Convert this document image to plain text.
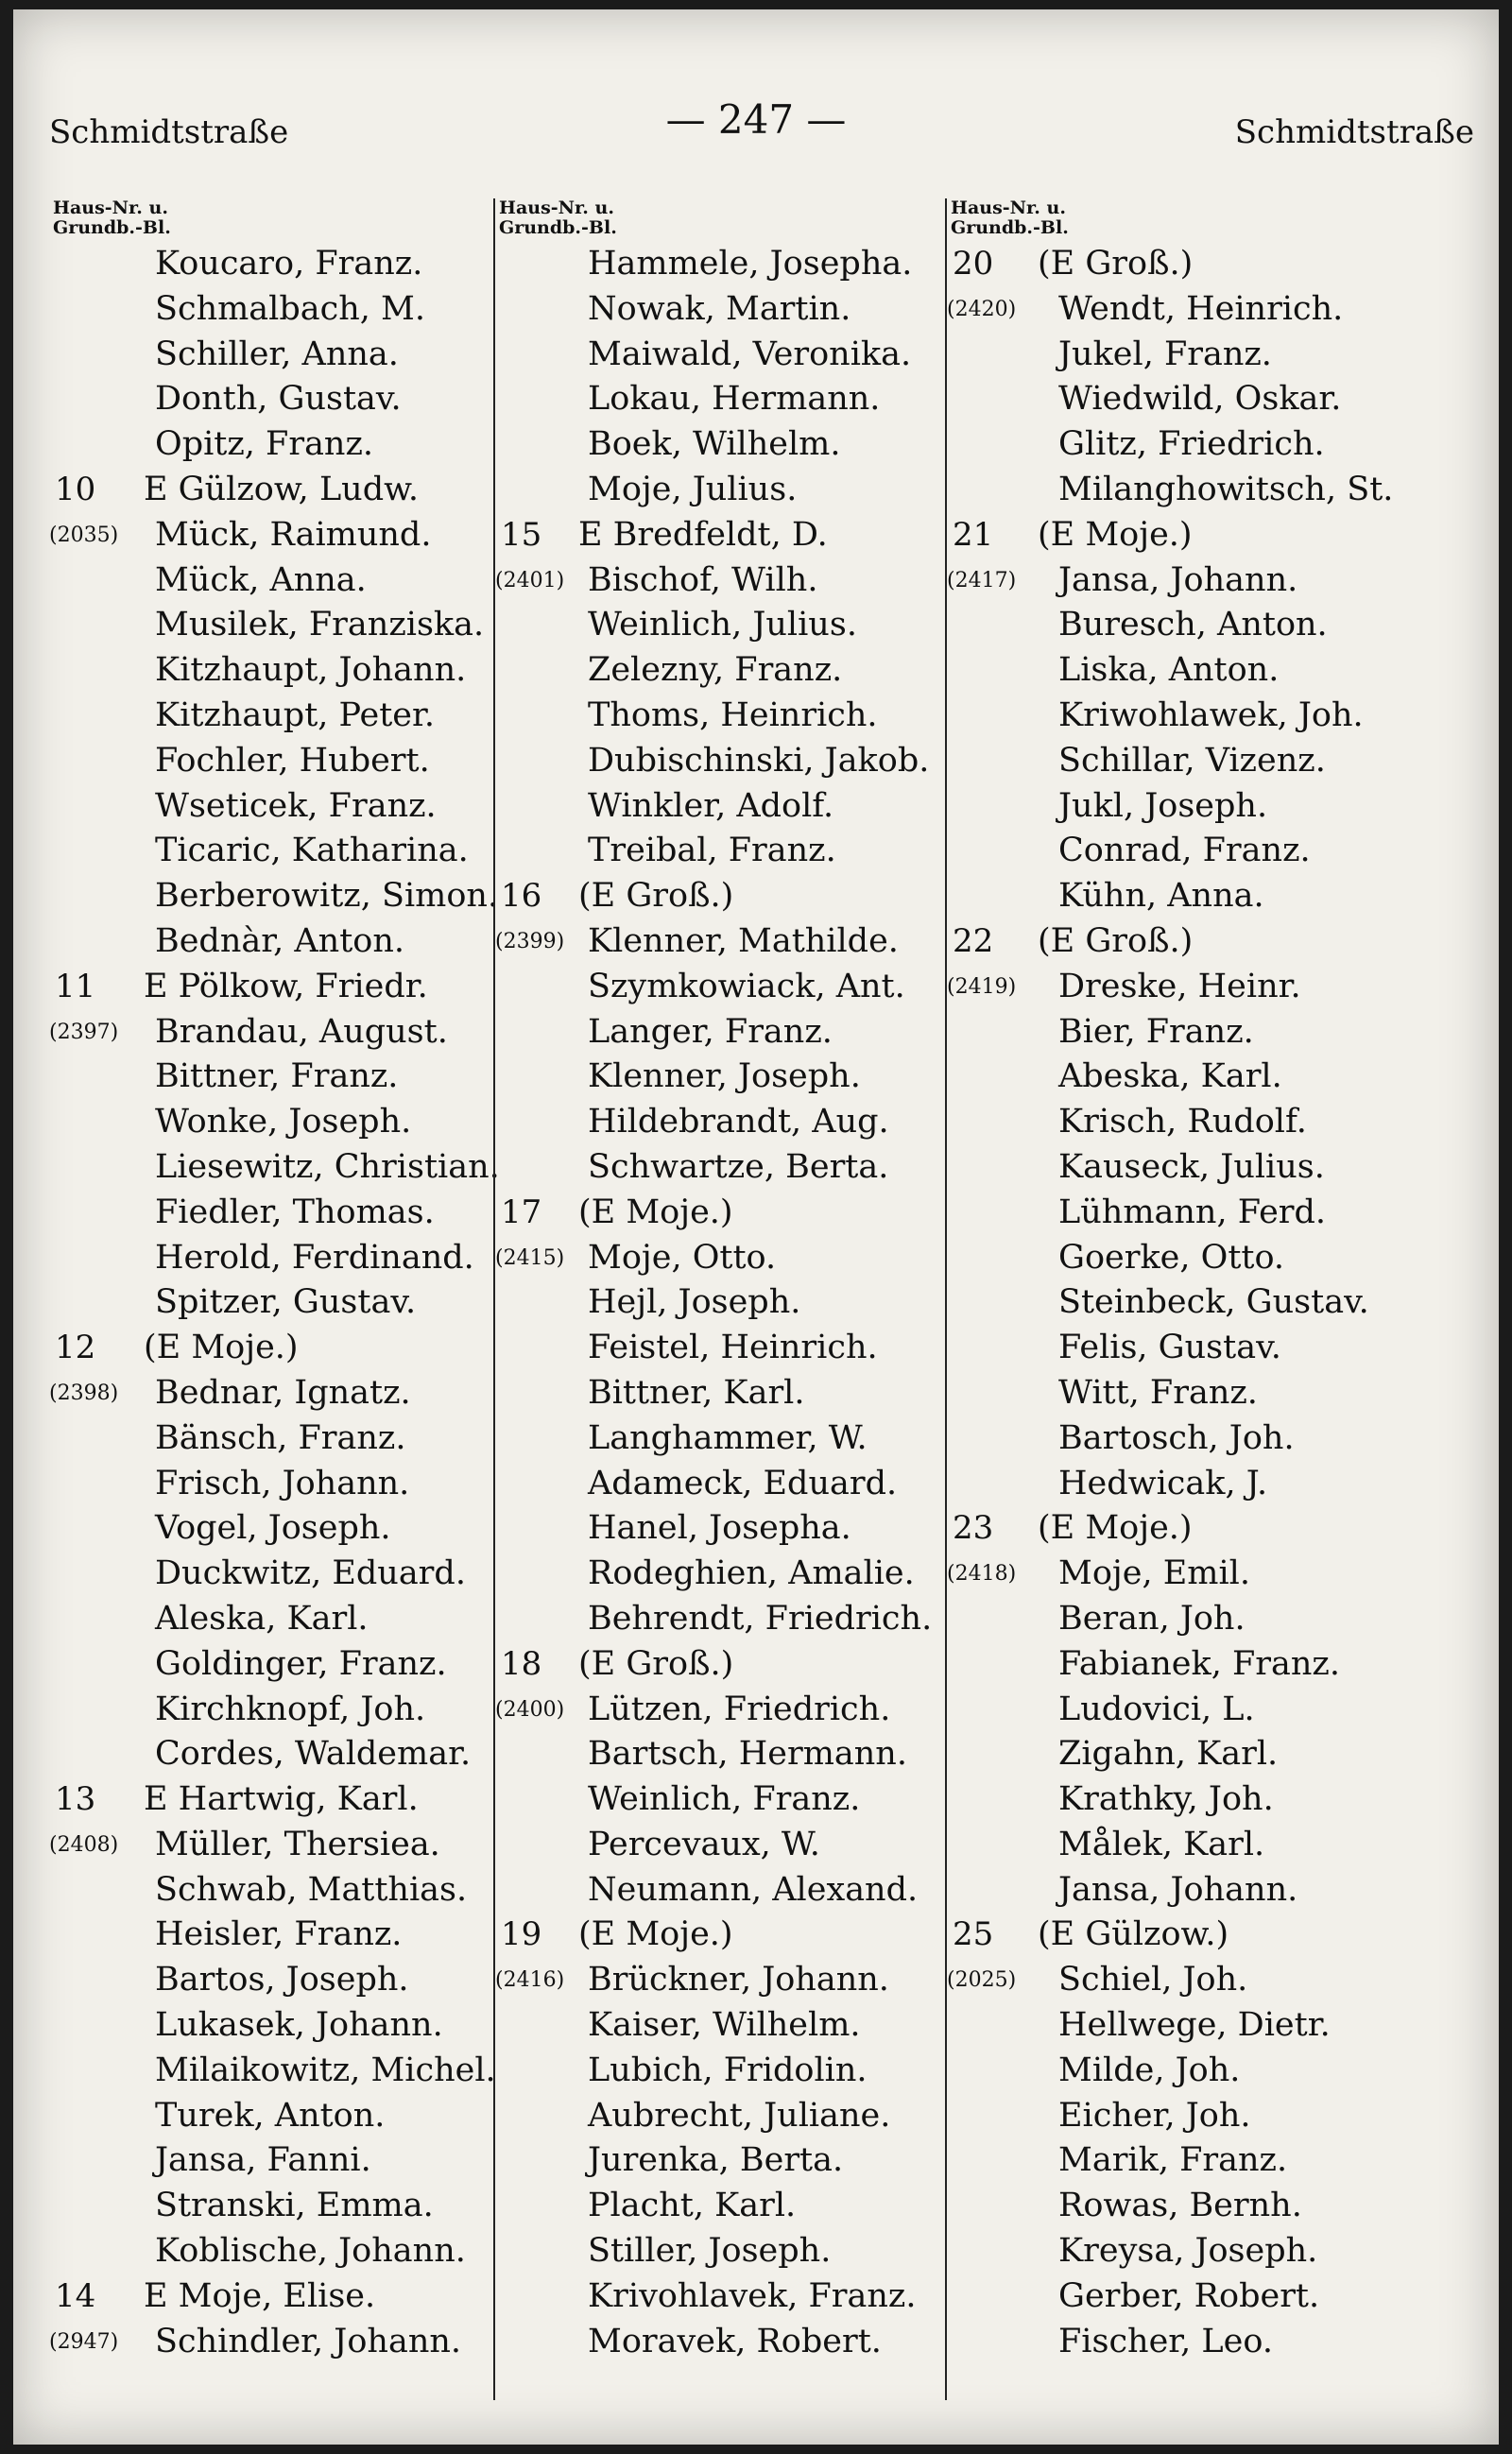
Schmidtstraße	— 247 —	Schmidtstraße
Haus-Nr. u.
Grundb.-Bl.
Koucaro, Franz.
Schmalbach, M.
Schiller, Anna.
Donth, Gustav.
Opitz, Franz.
10 E Gülzow, Ludw.
(2035) Mück, Raimund.
Mück, Anna.
Musilek, Franziska.
Kitzhaupt, Johann.
Kitzhaupt, Peter.
Fochler, Hubert.
Wseticek, Franz.
Ticaric, Katharina.
Berberowitz, Simon.
Bednàr, Anton.
11 E Pölkow, Friedr.
(2397) Brandau, August.
Bittner, Franz.
Wonke, Joseph.
Liesewitz, Christian.
Fiedler, Thomas.
Herold, Ferdinand.
Spitzer, Gustav.
12 (E Moje.)
(2398) Bednar, Ignatz.
Bänsch, Franz.
Frisch, Johann.
Vogel, Joseph.
Duckwitz, Eduard.
Aleska, Karl.
Goldinger, Franz.
Kirchknopf, Joh.
Cordes, Waldemar.
13 E Hartwig, Karl.
(2408) Müller, Thersiea.
Schwab, Matthias.
Heisler, Franz.
Bartos, Joseph.
Lukasek, Johann.
Milaikowitz, Michel.
Turek, Anton.
Jansa, Fanni.
Stranski, Emma.
Koblische, Johann.
14 E Moje, Elise.
(2947) Schindler, Johann.
Haus-Nr. u.
Grundb.-Bl.
Hammele, Josepha.
Nowak, Martin.
Maiwald, Veronika.
Lokau, Hermann.
Boek, Wilhelm.
Moje, Julius.
15 E Bredfeldt, D.
(2401) Bischof, Wilh.
Weinlich, Julius.
Zelezny, Franz.
Thoms, Heinrich.
Dubischinski, Jakob.
Winkler, Adolf.
Treibal, Franz.
16 (E Groß.)
(2399) Klenner, Mathilde.
Szymkowiack, Ant.
Langer, Franz.
Klenner, Joseph.
Hildebrandt, Aug.
Schwartze, Berta.
17 (E Moje.)
(2415) Moje, Otto.
Hejl, Joseph.
Feistel, Heinrich.
Bittner, Karl.
Langhammer, W.
Adameck, Eduard.
Hanel, Josepha.
Rodeghien, Amalie.
Behrendt, Friedrich.
18 (E Groß.)
(2400) Lützen, Friedrich.
Bartsch, Hermann.
Weinlich, Franz.
Percevaux, W.
Neumann, Alexand.
19 (E Moje.)
(2416) Brückner, Johann.
Kaiser, Wilhelm.
Lubich, Fridolin.
Aubrecht, Juliane.
Jurenka, Berta.
Placht, Karl.
Stiller, Joseph.
Krivohlavek, Franz.
Moravek, Robert.
Haus-Nr. u.
Grundb.-Bl.
20 (E Groß.)
(2420) Wendt, Heinrich.
Jukel, Franz.
Wiedwild, Oskar.
Glitz, Friedrich.
Milanghowitsch, St.
21 (E Moje.)
(2417) Jansa, Johann.
Buresch, Anton.
Liska, Anton.
Kriwohlawek, Joh.
Schillar, Vizenz.
Jukl, Joseph.
Conrad, Franz.
Kühn, Anna.
22 (E Groß.)
(2419) Dreske, Heinr.
Bier, Franz.
Abeska, Karl.
Krisch, Rudolf.
Kauseck, Julius.
Lühmann, Ferd.
Goerke, Otto.
Steinbeck, Gustav.
Felis, Gustav.
Witt, Franz.
Bartosch, Joh.
Hedwicak, J.
23 (E Moje.)
(2418) Moje, Emil.
Beran, Joh.
Fabianek, Franz.
Ludovici, L.
Zigahn, Karl.
Krathky, Joh.
Målek, Karl.
Jansa, Johann.
25 (E Gülzow.)
(2025) Schiel, Joh.
Hellwege, Dietr.
Milde, Joh.
Eicher, Joh.
Marik, Franz.
Rowas, Bernh.
Kreysa, Joseph.
Gerber, Robert.
Fischer, Leo.
